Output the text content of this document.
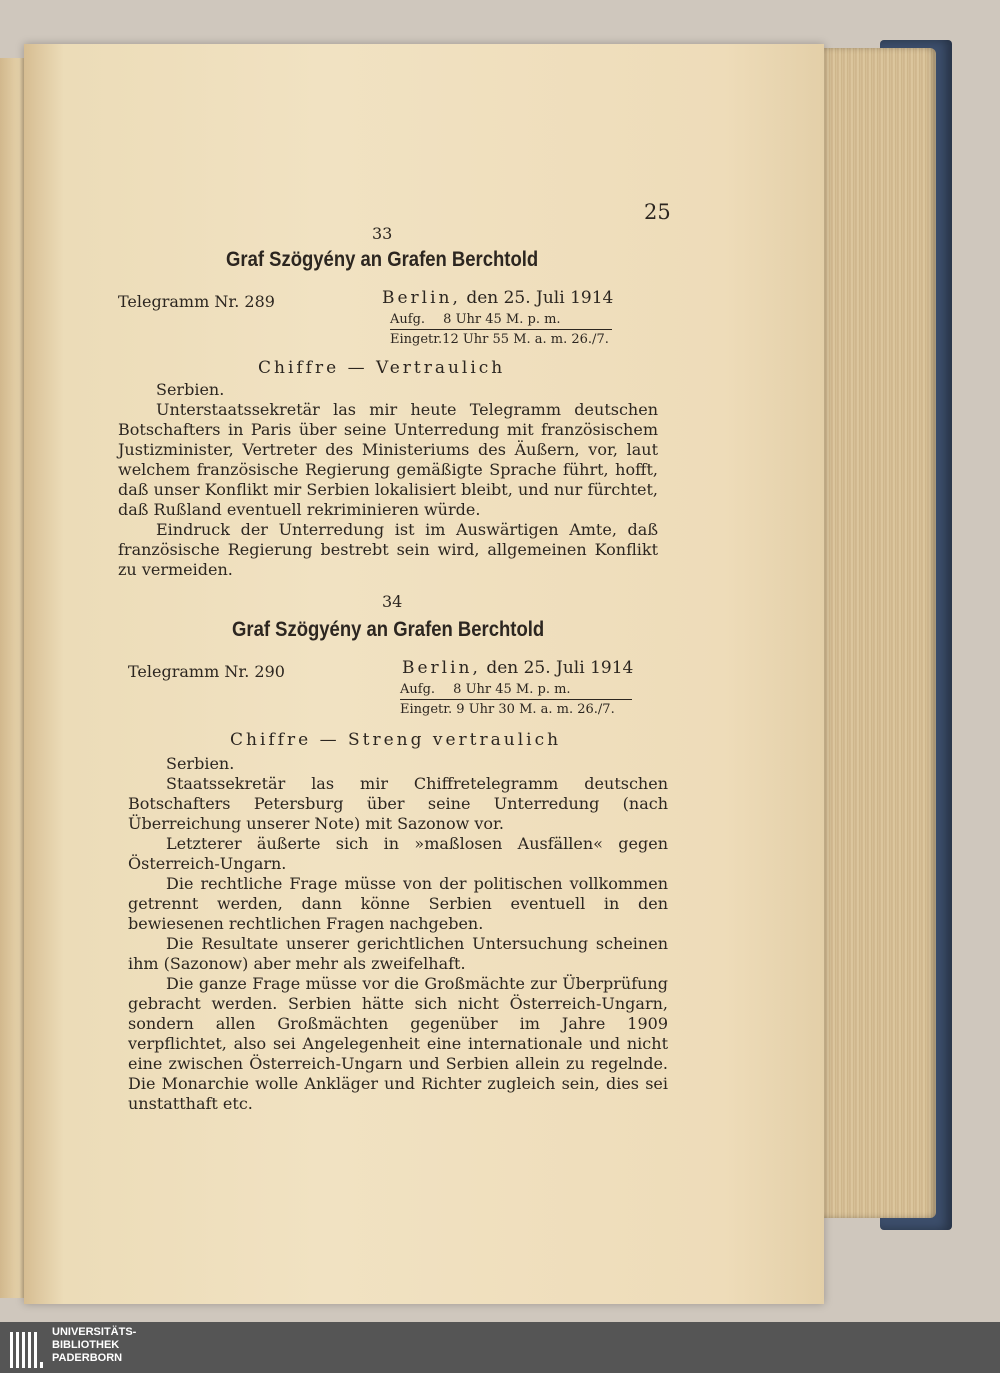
25
33
Graf Szögyény an Grafen Berchtold
Telegramm Nr. 289	Berlin, den 25. Juli 1914
Aufg. 8 Uhr 45 M. p. m.
Eingetr.12 Uhr 55 M. a. m. 26./7.
Chiffre — Vertraulich
Serbien.
Unterstaatssekretär las mir heute Telegramm deutschen Botschafters in Paris über seine Unterredung mit französischem Justizminister, Vertreter des Ministeriums des Äußern, vor, laut welchem französische Regierung gemäßigte Sprache führt, hofft, daß unser Konflikt mir Serbien lokalisiert bleibt, und nur fürchtet, daß Rußland eventuell rekriminieren würde.
Eindruck der Unterredung ist im Auswärtigen Amte, daß französische Regierung bestrebt sein wird, allgemeinen Konflikt zu vermeiden.
34
Graf Szögyény an Grafen Berchtold
Telegramm Nr. 290	Berlin, den 25. Juli 1914
Aufg. 8 Uhr 45 M. p. m.
Eingetr. 9 Uhr 30 M. a. m. 26./7.
Chiffre — Streng vertraulich
Serbien.
Staatssekretär las mir Chiffretelegramm deutschen Botschafters Petersburg über seine Unterredung (nach Überreichung unserer Note) mit Sazonow vor.
Letzterer äußerte sich in »maßlosen Ausfällen« gegen Österreich-Ungarn.
Die rechtliche Frage müsse von der politischen vollkommen getrennt werden, dann könne Serbien eventuell in den bewiesenen rechtlichen Fragen nachgeben.
Die Resultate unserer gerichtlichen Untersuchung scheinen ihm (Sazonow) aber mehr als zweifelhaft.
Die ganze Frage müsse vor die Großmächte zur Überprüfung gebracht werden. Serbien hätte sich nicht Österreich-Ungarn, sondern allen Großmächten gegenüber im Jahre 1909 verpflichtet, also sei Angelegenheit eine internationale und nicht eine zwischen Österreich-Ungarn und Serbien allein zu regelnde. Die Monarchie wolle Ankläger und Richter zugleich sein, dies sei unstatthaft etc.
UNIVERSITÄTS-
BIBLIOTHEK
PADERBORN
